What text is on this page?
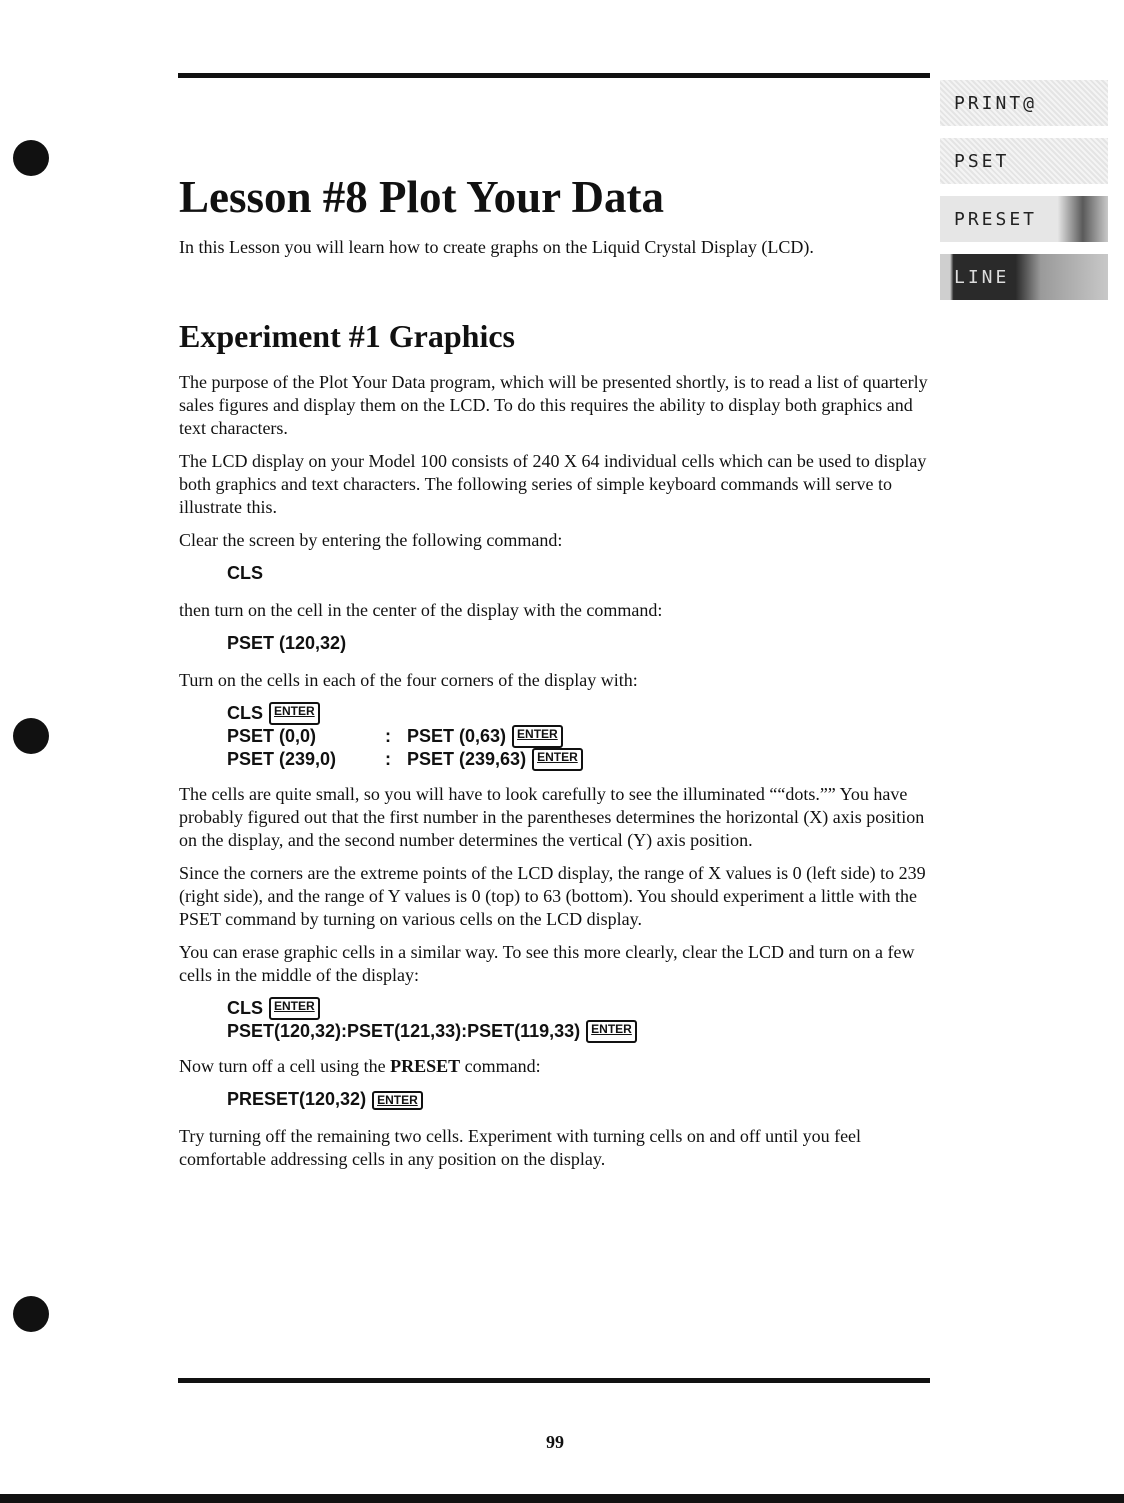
PRINT@
PSET
PRESET
LINE
Lesson #8 Plot Your Data

In this Lesson you will learn how to create graphs on the Liquid Crystal Display (LCD).

Experiment #1 Graphics

The purpose of the Plot Your Data program, which will be presented shortly, is to read a list of quarterly sales figures and display them on the LCD. To do this requires the ability to display both graphics and text characters.

The LCD display on your Model 100 consists of 240 X 64 individual cells which can be used to display both graphics and text characters. The following series of simple keyboard commands will serve to illustrate this.

Clear the screen by entering the following command:

CLS

then turn on the cell in the center of the display with the command:

PSET (120,32)

Turn on the cells in each of the four corners of the display with:

CLS ENTER
PSET (0,0)	: PSET (0,63) ENTER
PSET (239,0)	: PSET (239,63) ENTER

The cells are quite small, so you will have to look carefully to see the illuminated ““dots.”” You have probably figured out that the first number in the parentheses determines the horizontal (X) axis position on the display, and the second number determines the vertical (Y) axis position.

Since the corners are the extreme points of the LCD display, the range of X values is 0 (left side) to 239 (right side), and the range of Y values is 0 (top) to 63 (bottom). You should experiment a little with the PSET command by turning on various cells on the LCD display.

You can erase graphic cells in a similar way. To see this more clearly, clear the LCD and turn on a few cells in the middle of the display:

CLS ENTER
PSET(120,32):PSET(121,33):PSET(119,33) ENTER

Now turn off a cell using the PRESET command:

PRESET(120,32) ENTER

Try turning off the remaining two cells. Experiment with turning cells on and off until you feel comfortable addressing cells in any position on the display.

99
